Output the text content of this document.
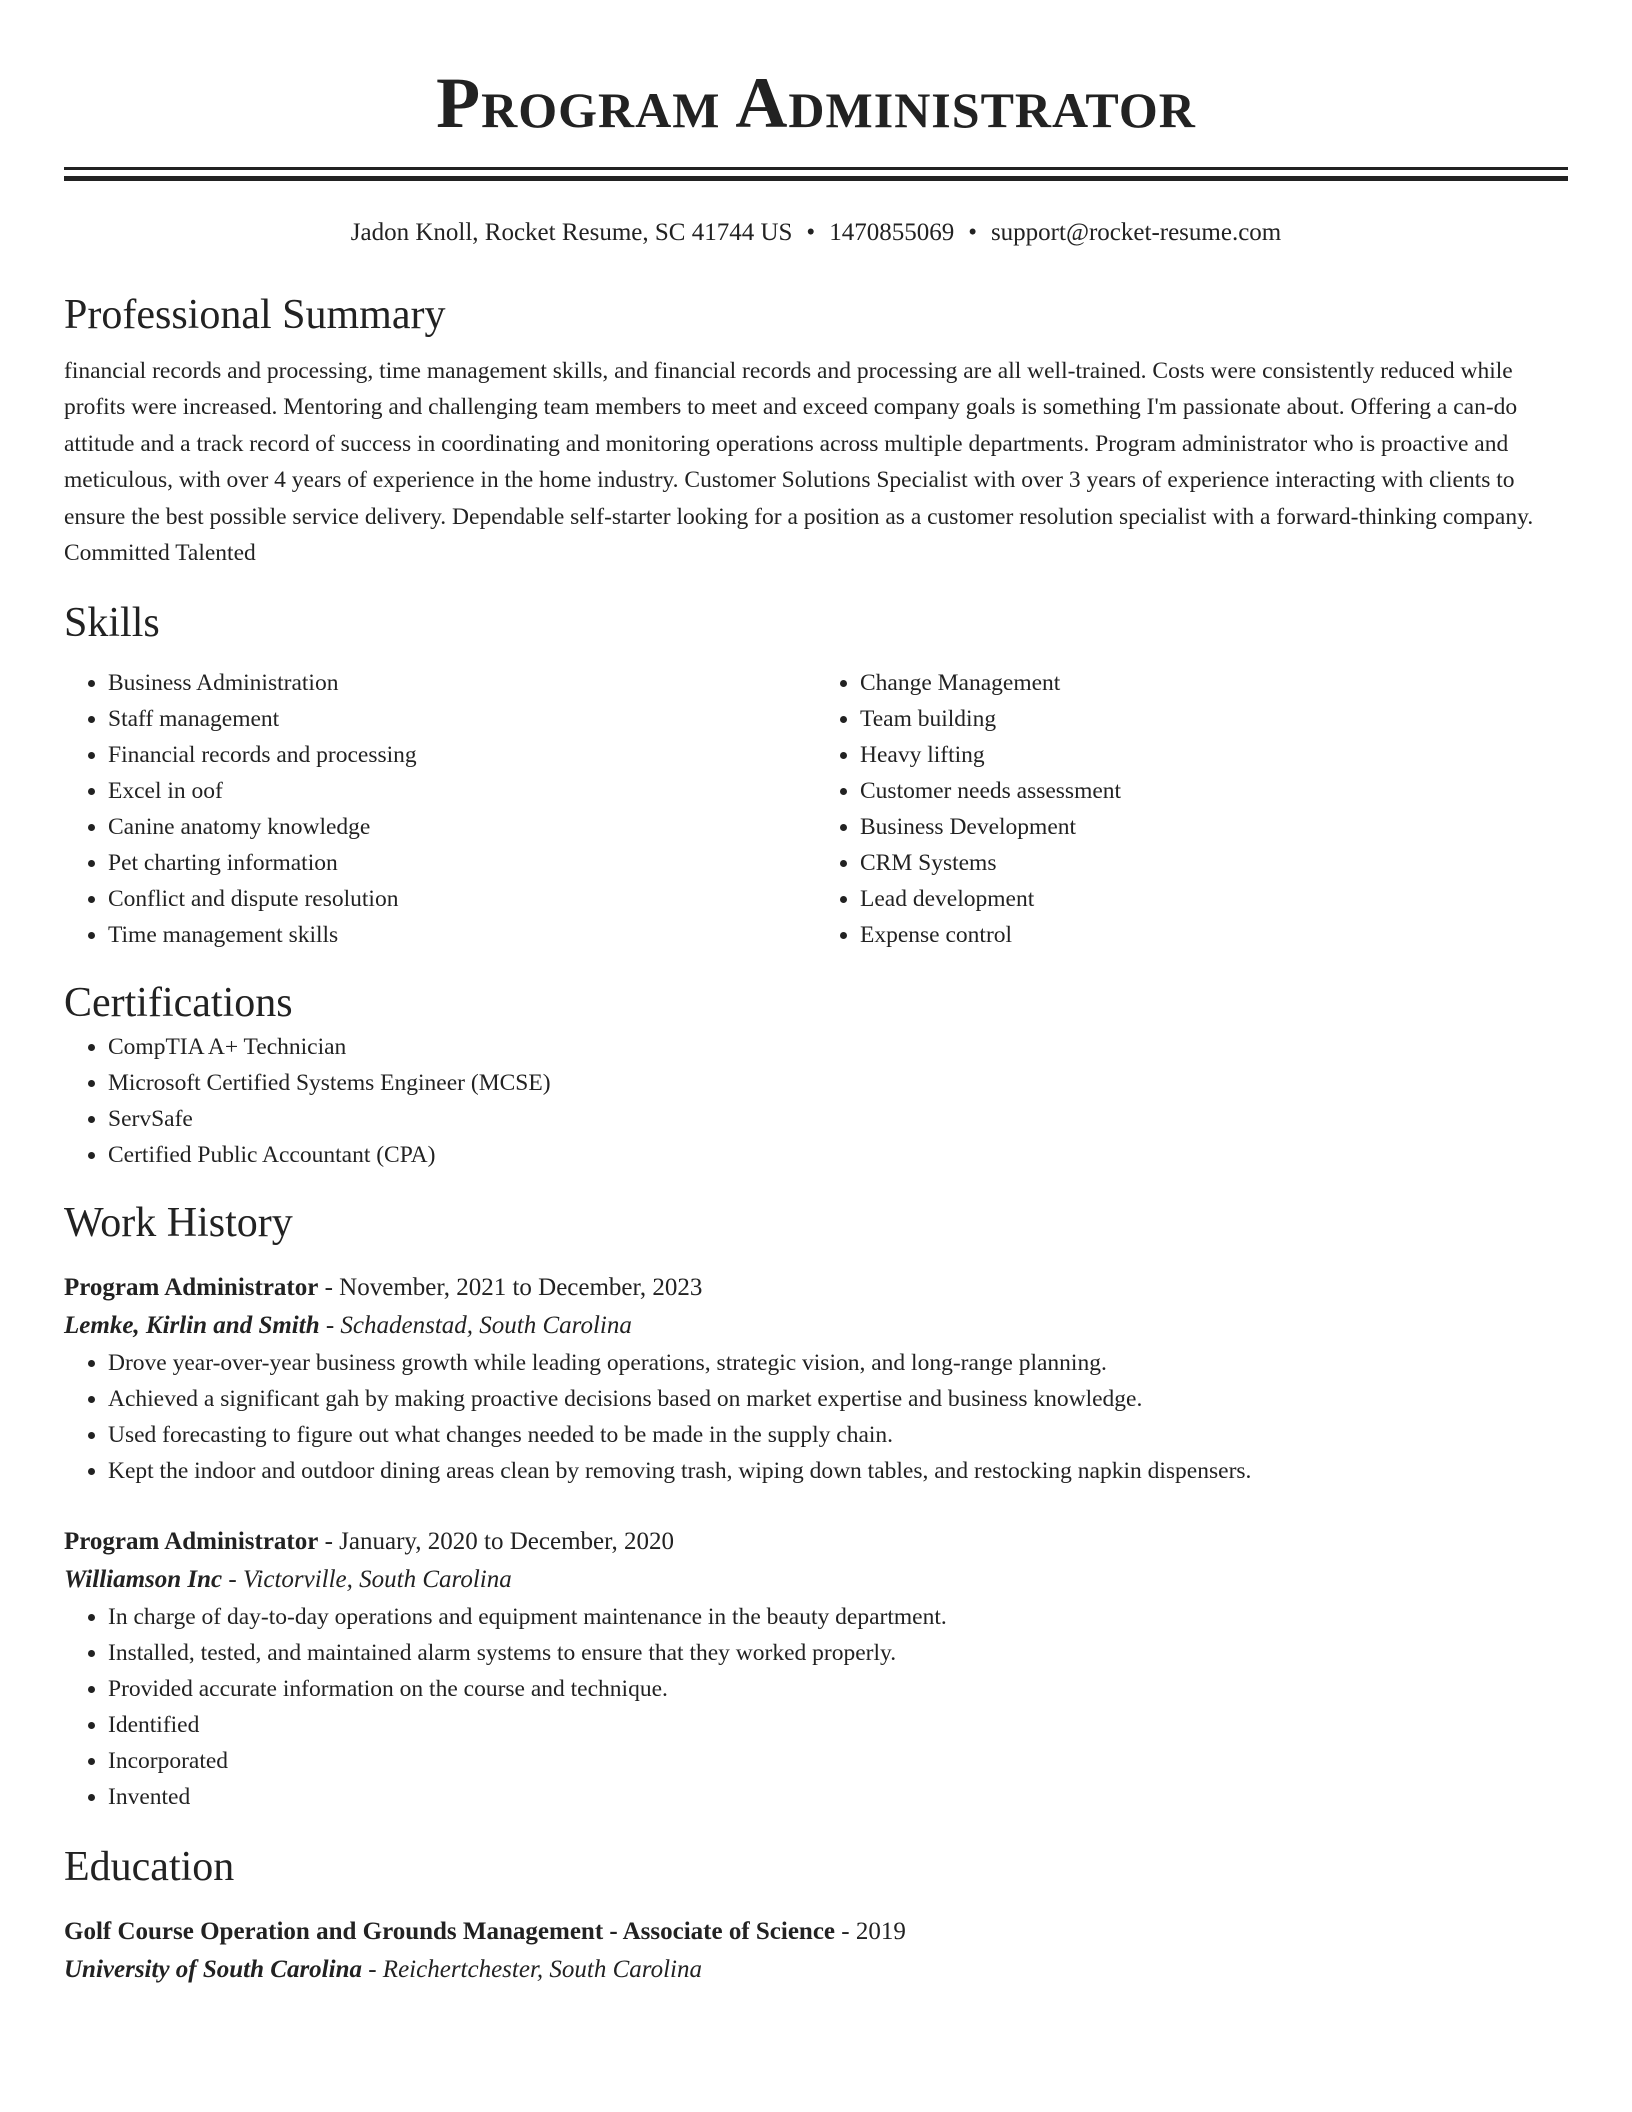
Program Administrator
Jadon Knoll, Rocket Resume, SC 41744 US • 1470855069 • support@rocket-resume.com
Professional Summary
financial records and processing, time management skills, and financial records and processing are all well-trained. Costs were consistently reduced while profits were increased. Mentoring and challenging team members to meet and exceed company goals is something I'm passionate about. Offering a can-do attitude and a track record of success in coordinating and monitoring operations across multiple departments. Program administrator who is proactive and meticulous, with over 4 years of experience in the home industry. Customer Solutions Specialist with over 3 years of experience interacting with clients to ensure the best possible service delivery. Dependable self-starter looking for a position as a customer resolution specialist with a forward-thinking company. Committed Talented
Skills
• Business Administration
• Staff management
• Financial records and processing
• Excel in oof
• Canine anatomy knowledge
• Pet charting information
• Conflict and dispute resolution
• Time management skills
• Change Management
• Team building
• Heavy lifting
• Customer needs assessment
• Business Development
• CRM Systems
• Lead development
• Expense control
Certifications
• CompTIA A+ Technician
• Microsoft Certified Systems Engineer (MCSE)
• ServSafe
• Certified Public Accountant (CPA)
Work History
Program Administrator - November, 2021 to December, 2023
Lemke, Kirlin and Smith - Schadenstad, South Carolina
• Drove year-over-year business growth while leading operations, strategic vision, and long-range planning.
• Achieved a significant gah by making proactive decisions based on market expertise and business knowledge.
• Used forecasting to figure out what changes needed to be made in the supply chain.
• Kept the indoor and outdoor dining areas clean by removing trash, wiping down tables, and restocking napkin dispensers.
Program Administrator - January, 2020 to December, 2020
Williamson Inc - Victorville, South Carolina
• In charge of day-to-day operations and equipment maintenance in the beauty department.
• Installed, tested, and maintained alarm systems to ensure that they worked properly.
• Provided accurate information on the course and technique.
• Identified
• Incorporated
• Invented
Education
Golf Course Operation and Grounds Management - Associate of Science - 2019
University of South Carolina - Reichertchester, South Carolina
